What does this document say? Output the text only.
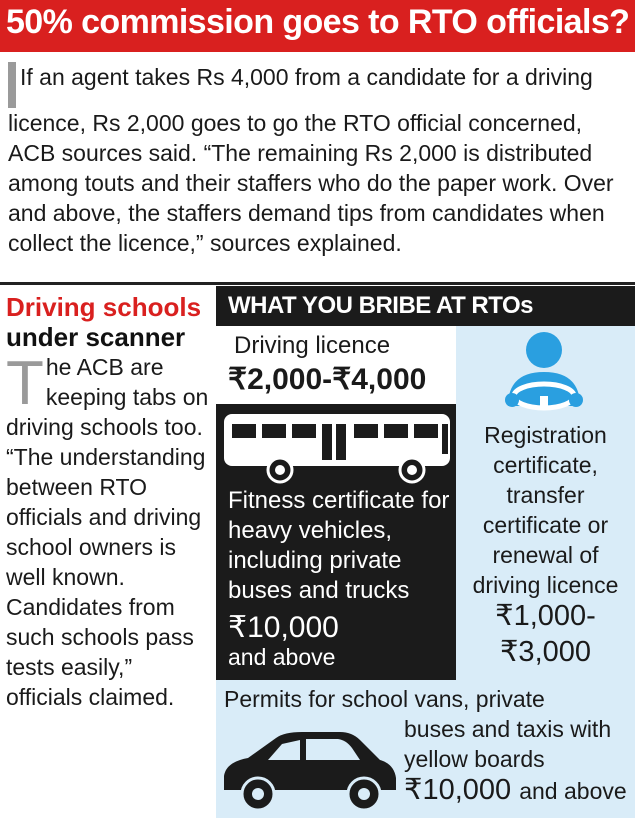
50% commission goes to RTO officials?

If an agent takes Rs 4,000 from a candidate for a driving licence, Rs 2,000 goes to go the RTO official concerned, ACB sources said. “The remaining Rs 2,000 is distributed among touts and their staffers who do the paper work. Over and above, the staffers demand tips from candidates when collect the licence,” sources explained.

Driving schools
under scanner
The ACB are keeping tabs on driving schools too. “The understanding between RTO officials and driving school owners is well known. Candidates from such schools pass tests easily,” officials claimed.
WHAT YOU BRIBE AT RTOs
Driving licence
₹2,000-₹4,000
Fitness certificate for heavy vehicles, including private buses and trucks
₹10,000
and above
Registration certificate, transfer certificate or renewal of driving licence
₹1,000-
₹3,000
Permits for school vans, private
buses and taxis with yellow boards
₹10,000 and above
